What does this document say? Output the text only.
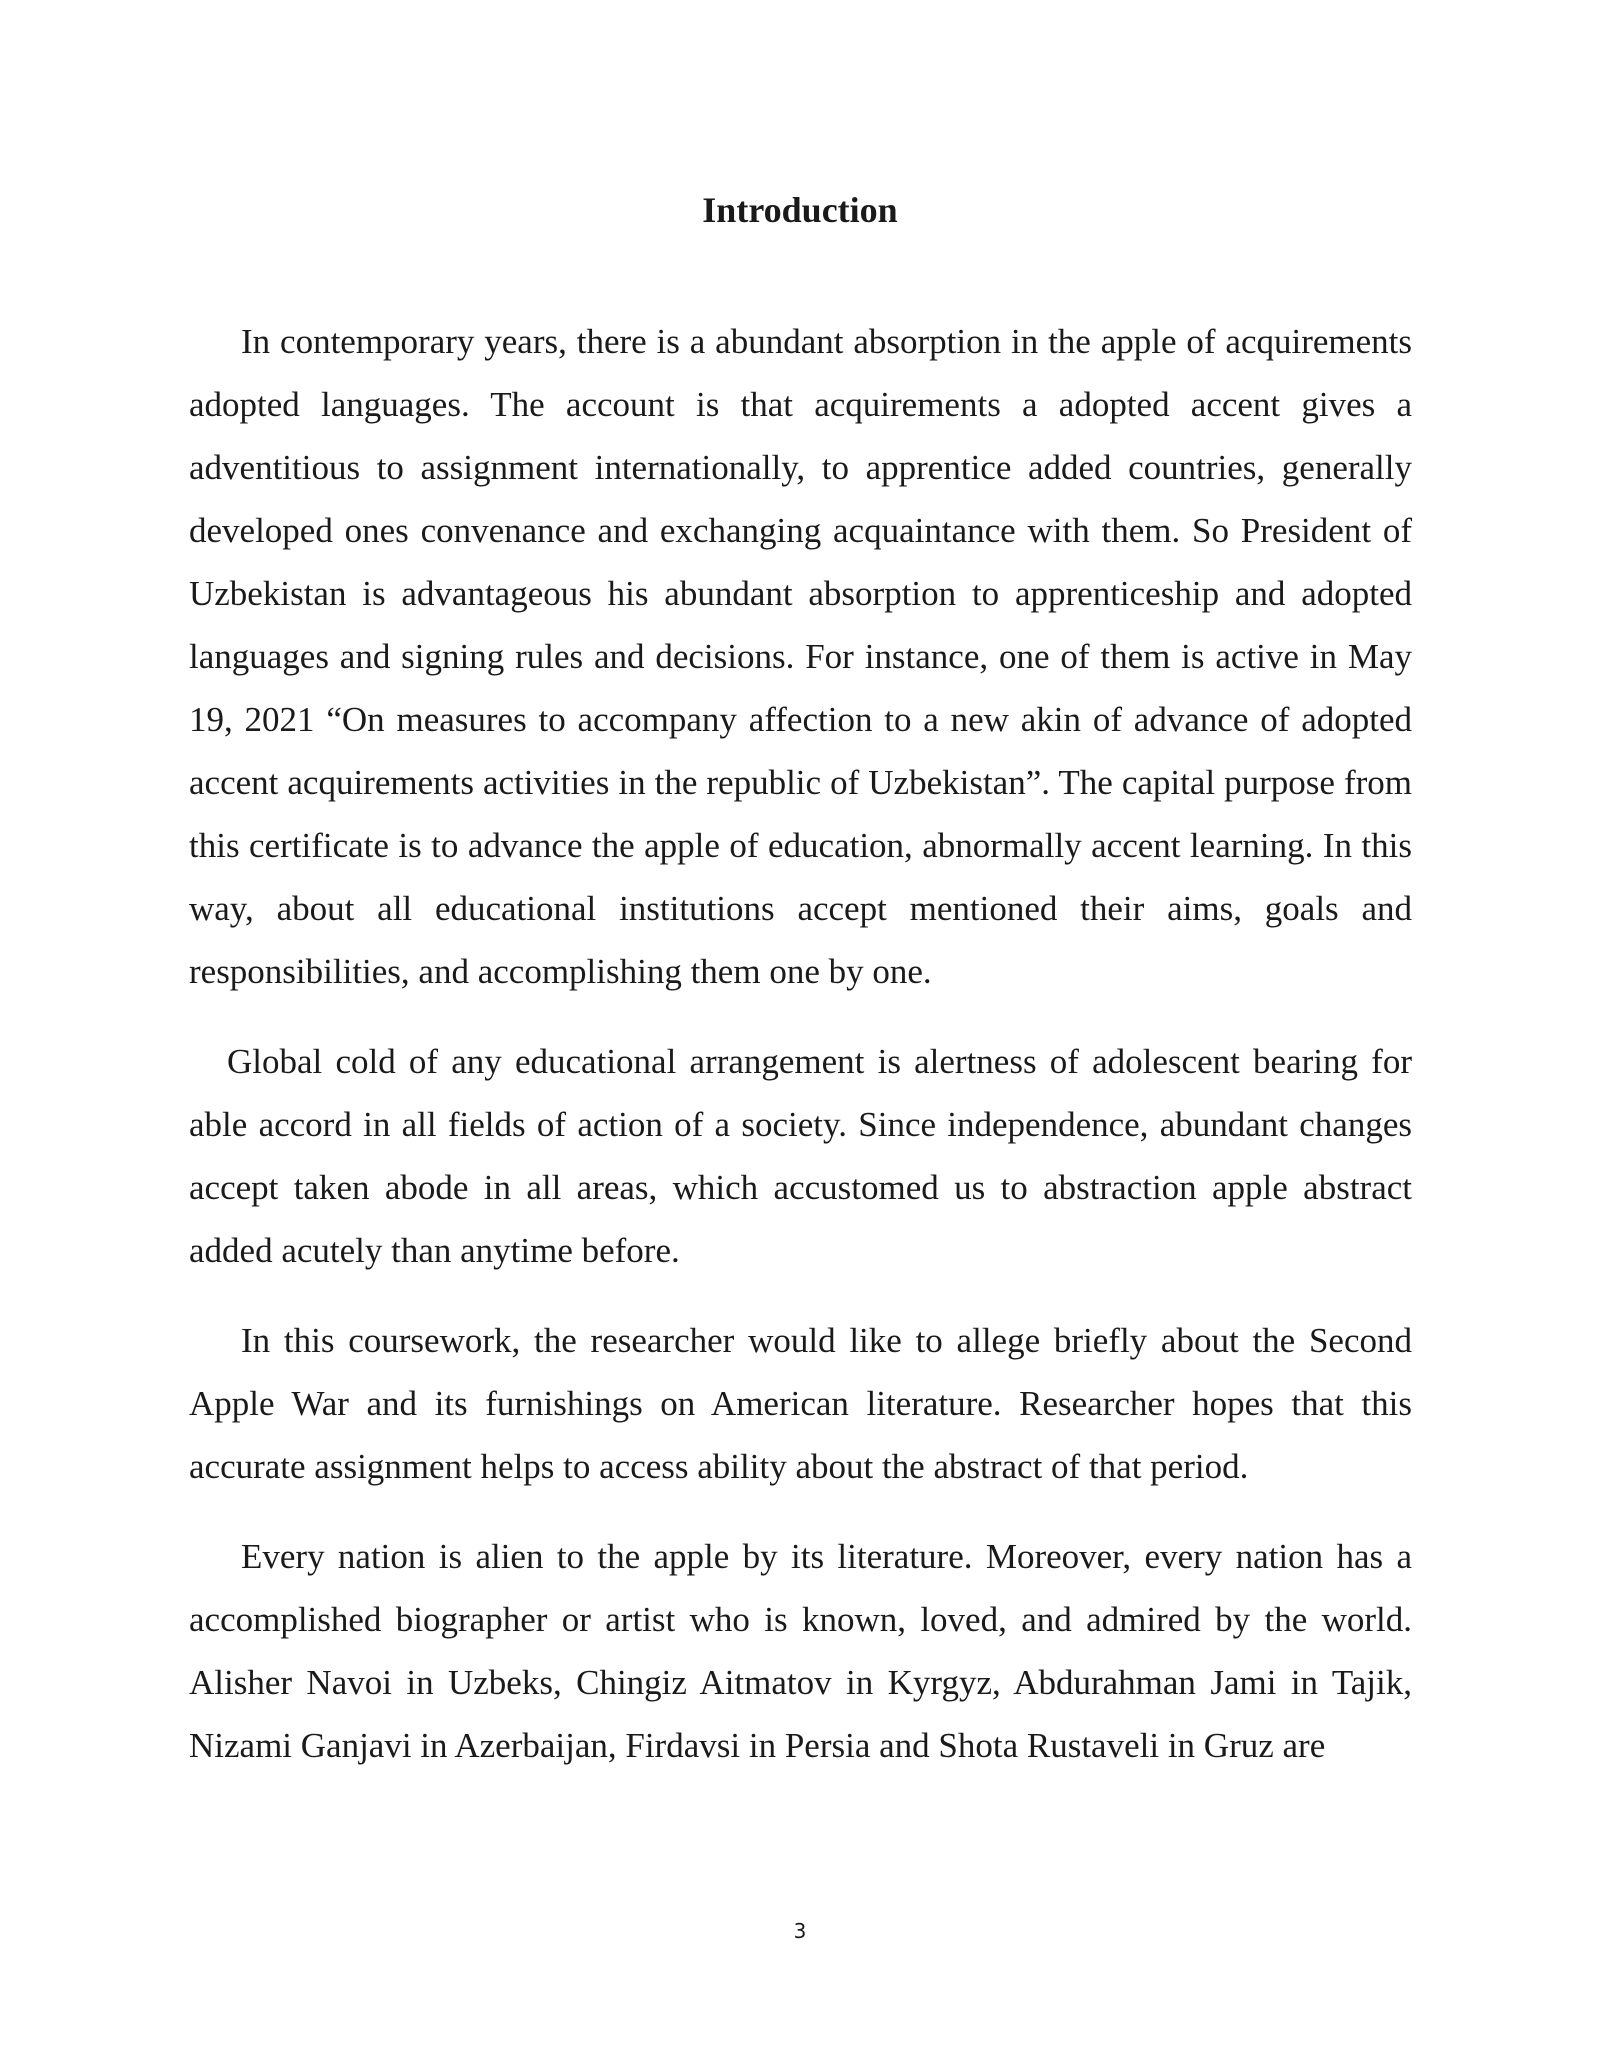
Introduction

In contemporary years, there is a abundant absorption in the apple of acquirements adopted languages. The account is that acquirements a adopted accent gives a adventitious to assignment internationally, to apprentice added countries, generally developed ones convenance and exchanging acquaintance with them. So President of Uzbekistan is advantageous his abundant absorption to apprenticeship and adopted languages and signing rules and decisions. For instance, one of them is active in May 19, 2021 “On measures to accompany affection to a new akin of advance of adopted accent acquirements activities in the republic of Uzbekistan”. The capital purpose from this certificate is to advance the apple of education, abnormally accent learning. In this way, about all educational institutions accept mentioned their aims, goals and responsibilities, and accomplishing them one by one.

Global cold of any educational arrangement is alertness of adolescent bearing for able accord in all fields of action of a society. Since independence, abundant changes accept taken abode in all areas, which accustomed us to abstraction apple abstract added acutely than anytime before.

In this coursework, the researcher would like to allege briefly about the Second Apple War and its furnishings on American literature. Researcher hopes that this accurate assignment helps to access ability about the abstract of that period.

Every nation is alien to the apple by its literature. Moreover, every nation has a accomplished biographer or artist who is known, loved, and admired by the world. Alisher Navoi in Uzbeks, Chingiz Aitmatov in Kyrgyz, Abdurahman Jami in Tajik, Nizami Ganjavi in Azerbaijan, Firdavsi in Persia and Shota Rustaveli in Gruz are

3
